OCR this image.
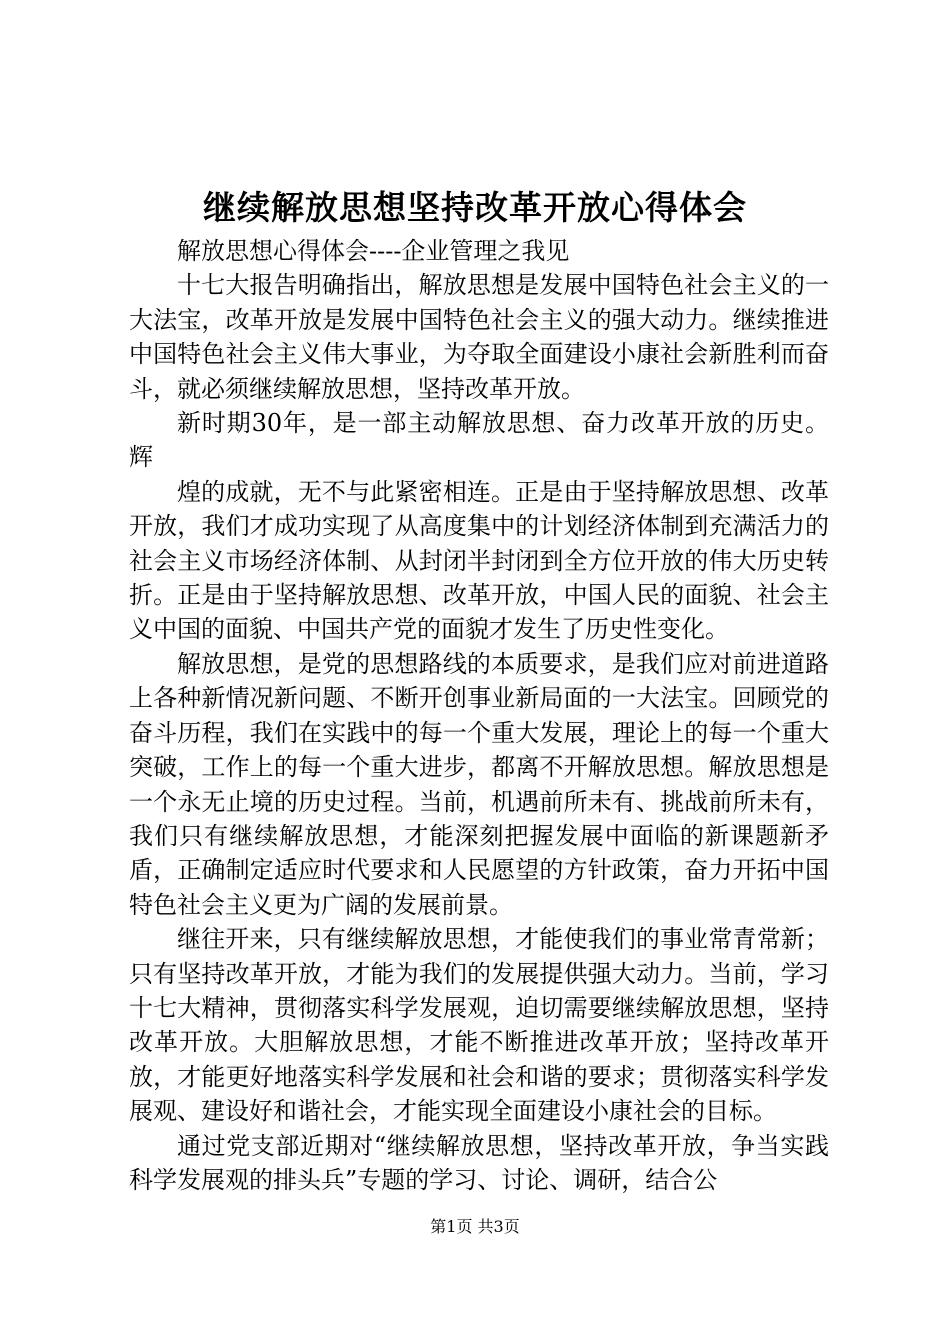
继续解放思想坚持改革开放心得体会

解放思想心得体会----企业管理之我见

十七大报告明确指出，解放思想是发展中国特色社会主义的一大法宝，改革开放是发展中国特色社会主义的强大动力。继续推进中国特色社会主义伟大事业，为夺取全面建设小康社会新胜利而奋斗，就必须继续解放思想，坚持改革开放。

新时期30年，是一部主动解放思想、奋力改革开放的历史。辉

煌的成就，无不与此紧密相连。正是由于坚持解放思想、改革开放，我们才成功实现了从高度集中的计划经济体制到充满活力的社会主义市场经济体制、从封闭半封闭到全方位开放的伟大历史转折。正是由于坚持解放思想、改革开放，中国人民的面貌、社会主义中国的面貌、中国共产党的面貌才发生了历史性变化。

解放思想，是党的思想路线的本质要求，是我们应对前进道路上各种新情况新问题、不断开创事业新局面的一大法宝。回顾党的奋斗历程，我们在实践中的每一个重大发展，理论上的每一个重大突破，工作上的每一个重大进步，都离不开解放思想。解放思想是一个永无止境的历史过程。当前，机遇前所未有、挑战前所未有，我们只有继续解放思想，才能深刻把握发展中面临的新课题新矛盾，正确制定适应时代要求和人民愿望的方针政策，奋力开拓中国特色社会主义更为广阔的发展前景。

继往开来，只有继续解放思想，才能使我们的事业常青常新；只有坚持改革开放，才能为我们的发展提供强大动力。当前，学习十七大精神，贯彻落实科学发展观，迫切需要继续解放思想，坚持改革开放。大胆解放思想，才能不断推进改革开放；坚持改革开放，才能更好地落实科学发展和社会和谐的要求；贯彻落实科学发展观、建设好和谐社会，才能实现全面建设小康社会的目标。

通过党支部近期对“继续解放思想，坚持改革开放，争当实践科学发展观的排头兵”专题的学习、讨论、调研，结合公

第1页 共3页
